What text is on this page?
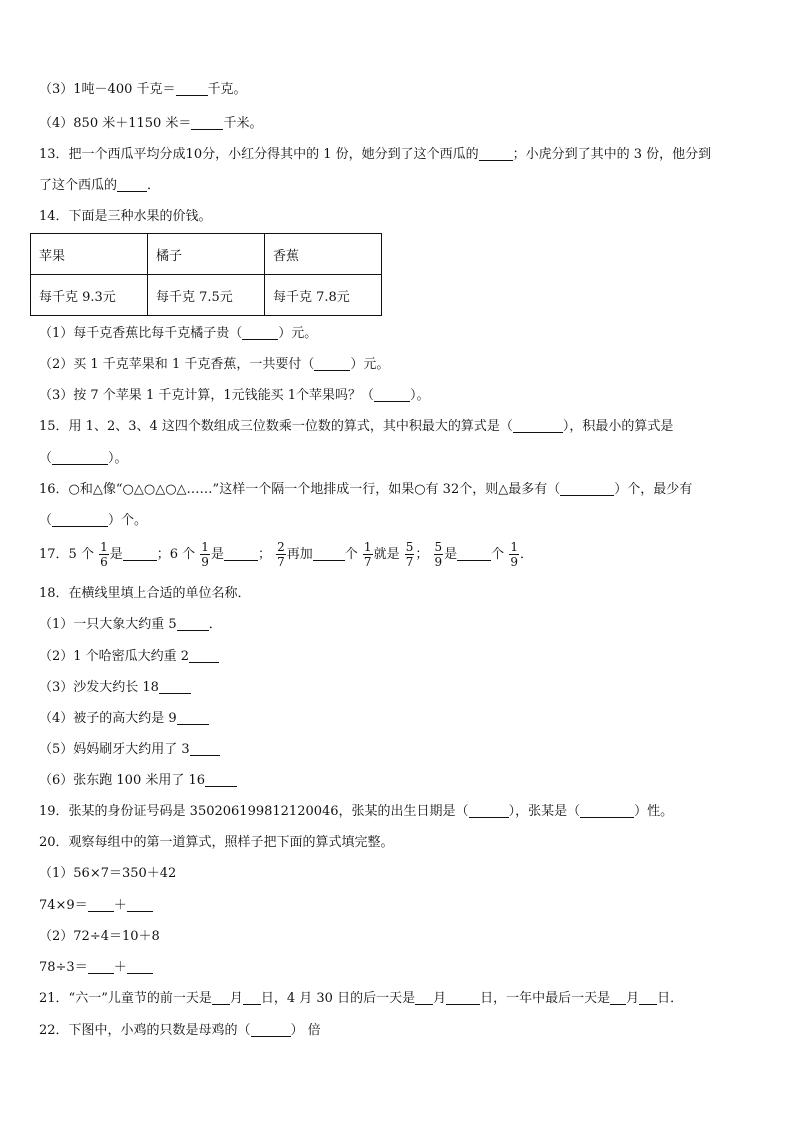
（3）1吨－400 千克＝ 千克。
（4）850 米＋1150 米＝ 千米。
13．把一个西瓜平均分成10分，小红分得其中的 1 份，她分到了这个西瓜的	；小虎分到了其中的 3 份，他分到
了这个西瓜的 ．
14．下面是三种水果的价钱。
苹果	橘子	香蕉
每千克 9.3元	每千克 7.5元	每千克 7.8元
（1）每千克香蕉比每千克橘子贵（	）元。
（2）买 1 千克苹果和 1 千克香蕉，一共要付（	）元。
（3）按 7 个苹果 1 千克计算，1元钱能买 1个苹果吗？（	）。
15．用 1、2、3、4 这四个数组成三位数乘一位数的算式，其中积最大的算式是（	），积最小的算式是
（	）。
16．○和△像“○△○△○△……”这样一个隔一个地排成一行，如果○有 32个，则△最多有（	）个，最少有
（	）个。
17．5 个 $\frac{1}{6}$ 是	；6 个 $\frac{1}{9}$ 是	； $\frac{2}{7}$ 再加 个 $\frac{1}{7}$ 就是 $\frac{5}{7}$ ； $\frac{5}{9}$ 是	个 $\frac{1}{9}$ ．
18．在横线里填上合适的单位名称．
（1）一只大象大约重 5 ．
（2）1 个哈密瓜大约重 2
（3）沙发大约长 18
（4）被子的高大约是 9
（5）妈妈刷牙大约用了 3
（6）张东跑 100 米用了 16
19．张某的身份证号码是 350206199812120046，张某的出生日期是（	），张某是（	）性。
20．观察每组中的第一道算式，照样子把下面的算式填完整。
（1）56×7＝350＋42
74×9＝ ＋
（2）72÷4＝10＋8
78÷3＝ ＋
21．“六一”儿童节的前一天是 月 日，4 月 30 日的后一天是 月	日，一年中最后一天是 月 日．
22．下图中，小鸡的只数是母鸡的（	） 倍
